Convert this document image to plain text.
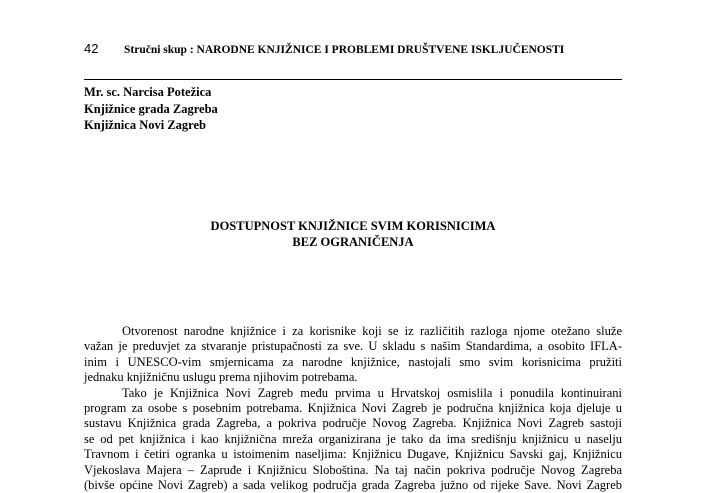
42 Stručni skup : NARODNE KNJIŽNICE I PROBLEMI DRUŠTVENE ISKLJUČENOSTI
Mr. sc. Narcisa Potežica
Knjižnice grada Zagreba
Knjižnica Novi Zagreb
DOSTUPNOST KNJIŽNICE SVIM KORISNICIMA
BEZ OGRANIČENJA
Otvorenost narodne knjižnice i za korisnike koji se iz različitih razloga njome otežano služe
važan je preduvjet za stvaranje pristupačnosti za sve. U skladu s našim Standardima, a osobito IFLA-
inim i UNESCO-vim smjernicama za narodne knjižnice, nastojali smo svim korisnicima pružiti
jednaku knjižničnu uslugu prema njihovim potrebama.
Tako je Knjižnica Novi Zagreb među prvima u Hrvatskoj osmislila i ponudila kontinuirani
program za osobe s posebnim potrebama. Knjižnica Novi Zagreb je područna knjižnica koja djeluje u
sustavu Knjižnica grada Zagreba, a pokriva područje Novog Zagreba. Knjižnica Novi Zagreb sastoji
se od pet knjižnica i kao knjižnična mreža organizirana je tako da ima središnju knjižnicu u naselju
Travnom i četiri ogranka u istoimenim naseljima: Knjižnicu Dugave, Knjižnicu Savski gaj, Knjižnicu
Vjekoslava Majera – Zapruđe i Knjižnicu Sloboština. Na taj način pokriva područje Novog Zagreba
(bivše općine Novi Zagreb) a sada velikog područja grada Zagreba južno od rijeke Save. Novi Zagreb
